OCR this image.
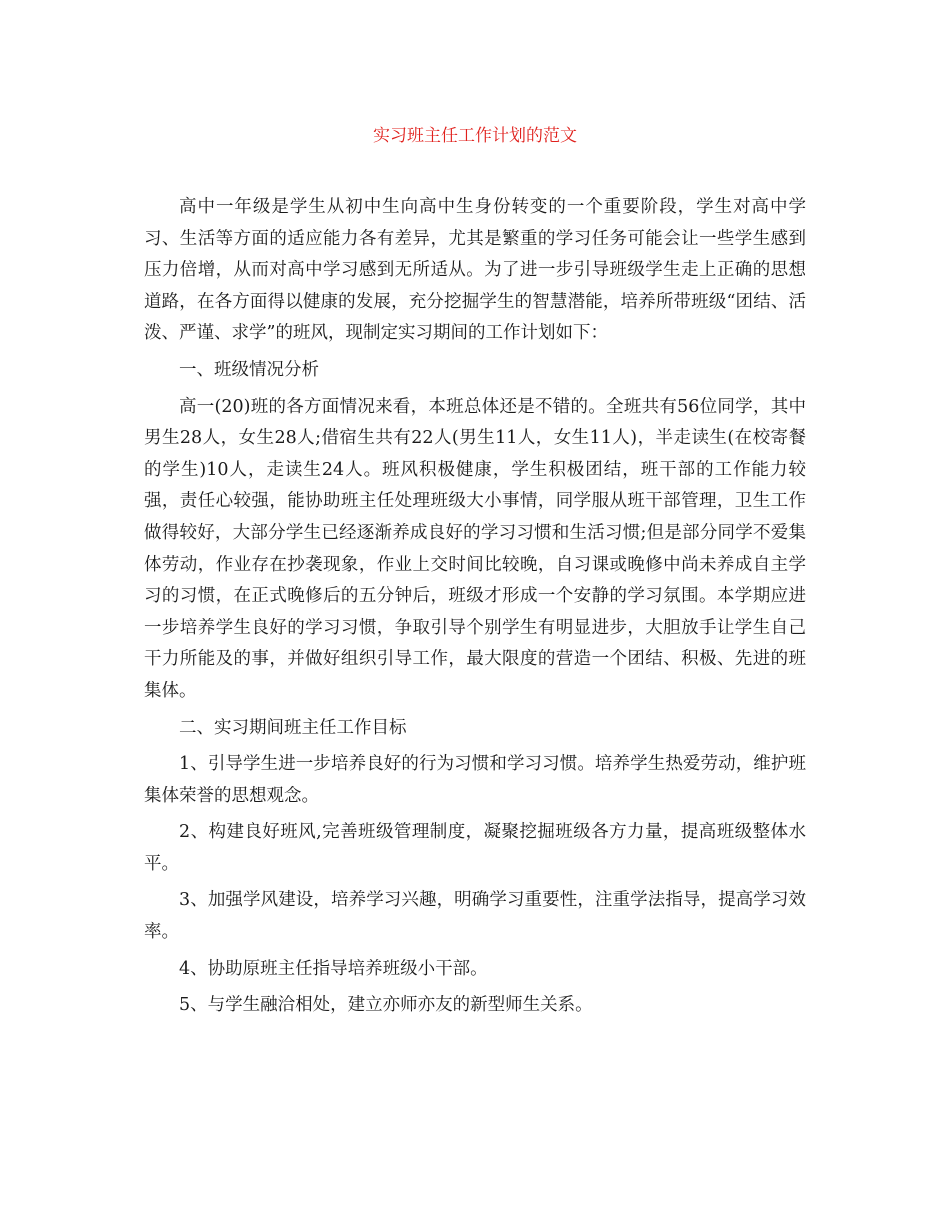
实习班主任工作计划的范文

高中一年级是学生从初中生向高中生身份转变的一个重要阶段，学生对高中学习、生活等方面的适应能力各有差异，尤其是繁重的学习任务可能会让一些学生感到压力倍增，从而对高中学习感到无所适从。为了进一步引导班级学生走上正确的思想道路，在各方面得以健康的发展，充分挖掘学生的智慧潜能，培养所带班级“团结、活泼、严谨、求学”的班风，现制定实习期间的工作计划如下：

一、班级情况分析

高一(20)班的各方面情况来看，本班总体还是不错的。全班共有56位同学，其中男生28人，女生28人;借宿生共有22人(男生11人，女生11人)，半走读生(在校寄餐的学生)10人，走读生24人。班风积极健康，学生积极团结，班干部的工作能力较强，责任心较强，能协助班主任处理班级大小事情，同学服从班干部管理，卫生工作做得较好，大部分学生已经逐渐养成良好的学习习惯和生活习惯;但是部分同学不爱集体劳动，作业存在抄袭现象，作业上交时间比较晚，自习课或晚修中尚未养成自主学习的习惯，在正式晚修后的五分钟后，班级才形成一个安静的学习氛围。本学期应进一步培养学生良好的学习习惯，争取引导个别学生有明显进步，大胆放手让学生自己干力所能及的事，并做好组织引导工作，最大限度的营造一个团结、积极、先进的班集体。

二、实习期间班主任工作目标

1、引导学生进一步培养良好的行为习惯和学习习惯。培养学生热爱劳动，维护班集体荣誉的思想观念。

2、构建良好班风,完善班级管理制度，凝聚挖掘班级各方力量，提高班级整体水平。

3、加强学风建设，培养学习兴趣，明确学习重要性，注重学法指导，提高学习效率。

4、协助原班主任指导培养班级小干部。

5、与学生融洽相处，建立亦师亦友的新型师生关系。
